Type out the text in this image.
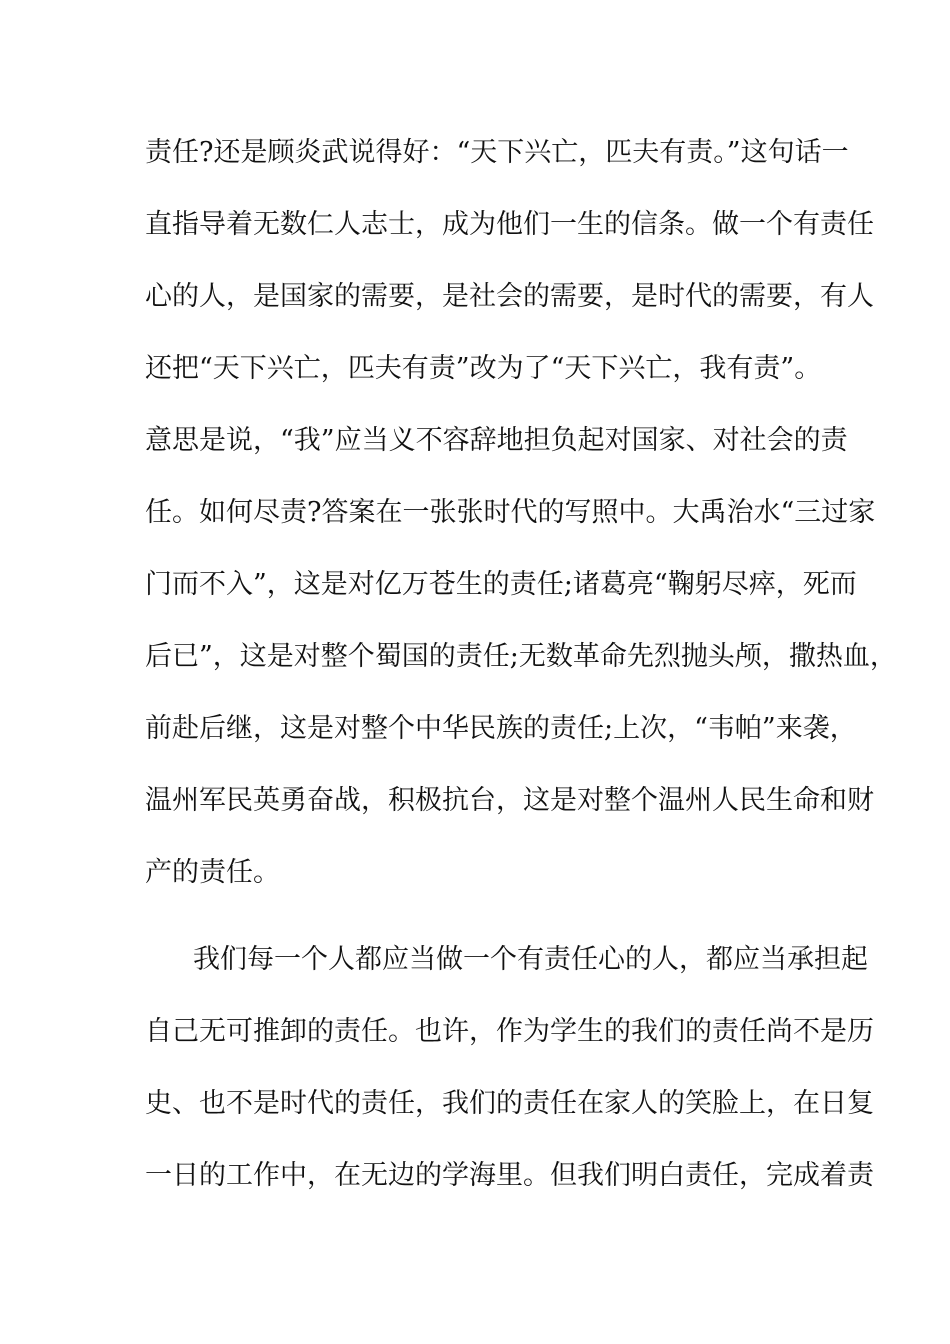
责任?还是顾炎武说得好：“天下兴亡，匹夫有责。”这句话一
直指导着无数仁人志士，成为他们一生的信条。做一个有责任
心的人，是国家的需要，是社会的需要，是时代的需要，有人
还把“天下兴亡，匹夫有责”改为了“天下兴亡，我有责”。
意思是说，“我”应当义不容辞地担负起对国家、对社会的责
任。如何尽责?答案在一张张时代的写照中。大禹治水“三过家
门而不入”，这是对亿万苍生的责任;诸葛亮“鞠躬尽瘁，死而
后已”，这是对整个蜀国的责任;无数革命先烈抛头颅，撒热血，
前赴后继，这是对整个中华民族的责任;上次，“韦帕”来袭，
温州军民英勇奋战，积极抗台，这是对整个温州人民生命和财
产的责任。
我们每一个人都应当做一个有责任心的人，都应当承担起
自己无可推卸的责任。也许，作为学生的我们的责任尚不是历
史、也不是时代的责任，我们的责任在家人的笑脸上，在日复
一日的工作中，在无边的学海里。但我们明白责任，完成着责
